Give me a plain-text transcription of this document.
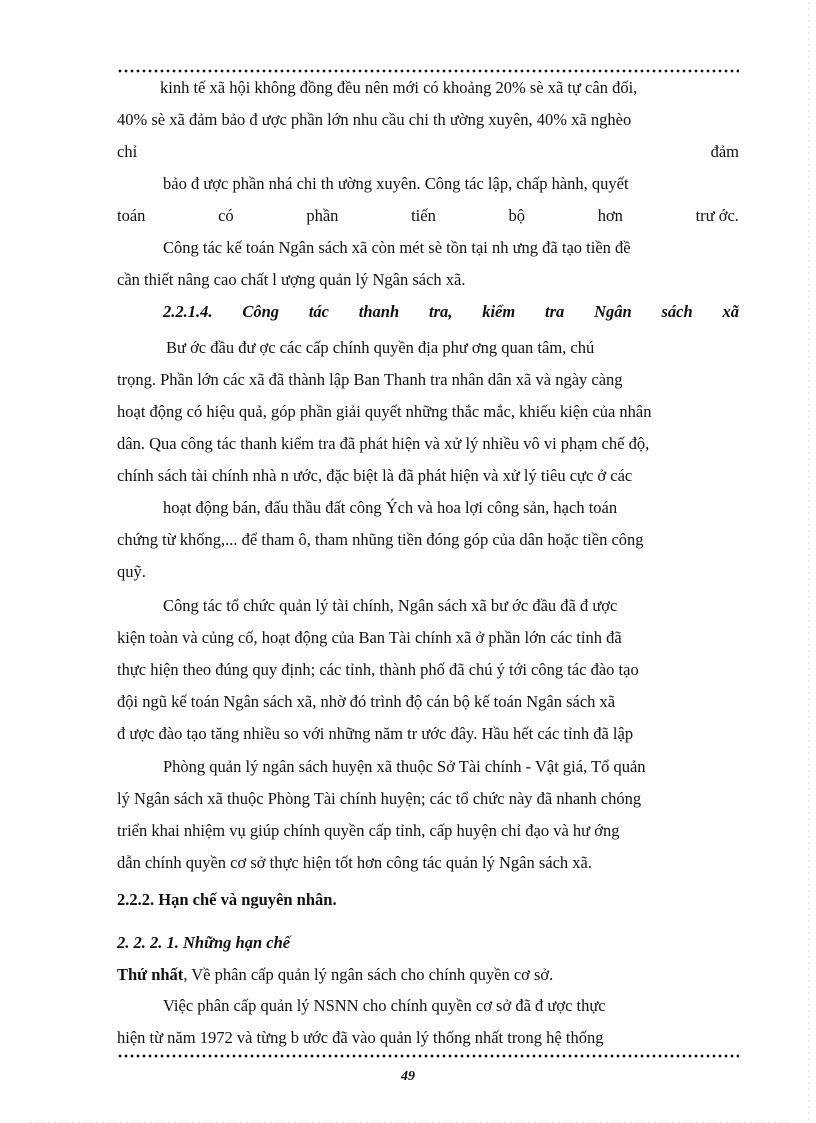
kinh tế xã hội không đồng đều nên mới có khoảng 20% sè xã tự cân đối,
40% sè xã đảm bảo đ ược phần lớn nhu cầu chi th ường xuyên, 40% xã nghèo
chỉ	đảm
bảo đ ược phần nhá chi th ường xuyên. Công tác lập, chấp hành, quyết
toán	có	phần	tiến	bộ	hơn	trư ớc.
Công tác kế toán Ngân sách xã còn mét sè tồn tại nh ưng đã tạo tiền đề
cần thiết nâng cao chất l ượng quản lý Ngân sách xã.
2.2.1.4. Công tác thanh tra, kiểm tra Ngân sách xã
Bư ớc đầu đư ợc các cấp chính quyền địa phư ơng quan tâm, chú
trọng. Phần lớn các xã đã thành lập Ban Thanh tra nhân dân xã và ngày càng
hoạt động có hiệu quả, góp phần giải quyết những thắc mắc, khiếu kiện của nhân
dân. Qua công tác thanh kiểm tra đã phát hiện và xử lý nhiều vô vi phạm chế độ,
chính sách tài chính nhà n ước, đặc biệt là đã phát hiện và xử lý tiêu cực ở các
hoạt động bán, đấu thầu đất công Ých và hoa lợi công sản, hạch toán
chứng từ khống,... để tham ô, tham nhũng tiền đóng góp của dân hoặc tiền công
quỹ.
Công tác tổ chức quản lý tài chính, Ngân sách xã bư ớc đầu đã đ ược
kiện toàn và củng cố, hoạt động của Ban Tài chính xã ở phần lớn các tỉnh đã
thực hiện theo đúng quy định; các tỉnh, thành phố đã chú ý tới công tác đào tạo
đội ngũ kế toán Ngân sách xã, nhờ đó trình độ cán bộ kế toán Ngân sách xã
đ ược đào tạo tăng nhiều so với những năm tr ước đây. Hầu hết các tỉnh đã lập
Phòng quản lý ngân sách huyện xã thuộc Sở Tài chính - Vật giá, Tổ quản
lý Ngân sách xã thuộc Phòng Tài chính huyện; các tổ chức này đã nhanh chóng
triển khai nhiệm vụ giúp chính quyền cấp tỉnh, cấp huyện chỉ đạo và hư ớng
dẫn chính quyền cơ sở thực hiện tốt hơn công tác quản lý Ngân sách xã.
2.2.2. Hạn chế và nguyên nhân.
2. 2. 2. 1. Những hạn chế
Thứ nhất, Về phân cấp quản lý ngân sách cho chính quyền cơ sở.
Việc phân cấp quản lý NSNN cho chính quyền cơ sở đã đ ược thực
hiện từ năm 1972 và từng b ước đã vào quản lý thống nhất trong hệ thống
49
